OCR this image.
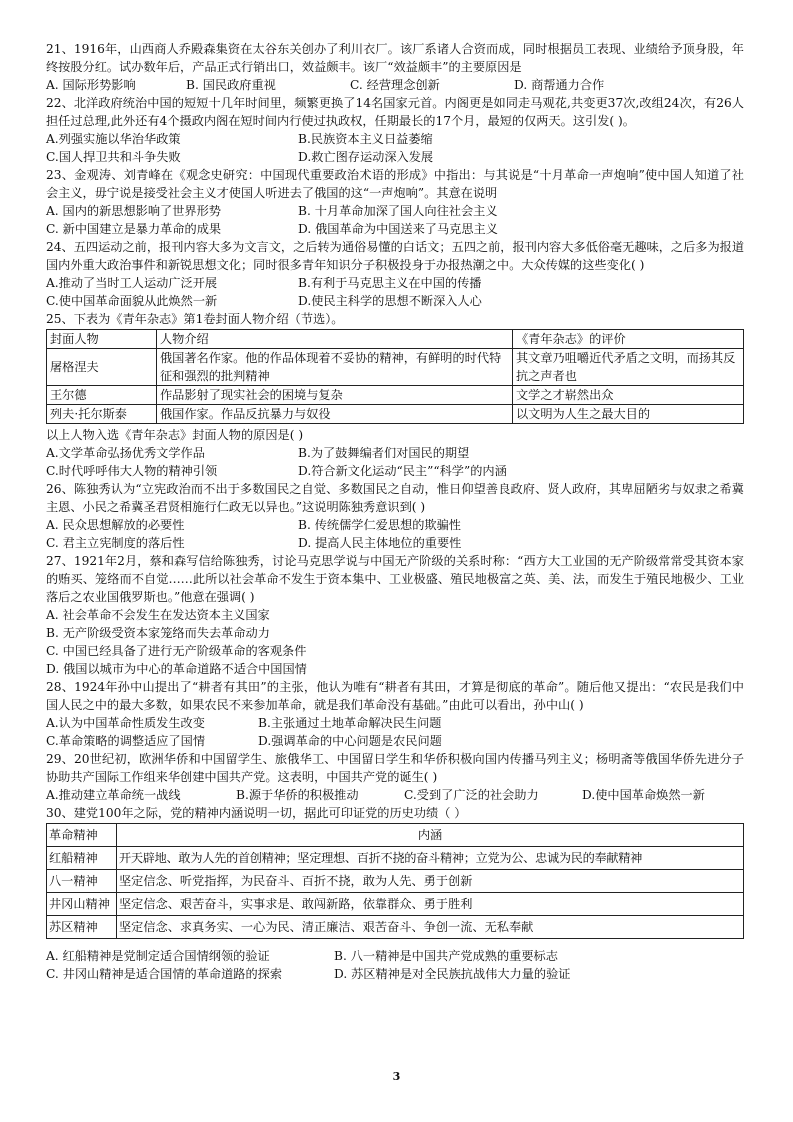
21、1916年，山西商人乔殿森集资在太谷东关创办了利川衣厂。该厂系诸人合资而成，同时根据员工表现、业绩给予顶身股，年终按股分红。试办数年后，产品正式行销出口，效益颇丰。该厂“效益颇丰”的主要原因是

A. 国际形势影响	B. 国民政府重视	C. 经营理念创新	D. 商帮通力合作

22、北洋政府统治中国的短短十几年时间里，频繁更换了14名国家元首。内阁更是如同走马观花,共变更37次,改组24次，有26人担任过总理,此外还有4个摄政内阁在短时间内行使过执政权，任期最长的17个月，最短的仅两天。这引发( )。

A.列强实施以华治华政策	B.民族资本主义日益萎缩
C.国人捍卫共和斗争失败	D.救亡图存运动深入发展

23、金观涛、刘青峰在《观念史研究：中国现代重要政治术语的形成》中指出：与其说是“十月革命一声炮响”使中国人知道了社会主义，毋宁说是接受社会主义才使国人听进去了俄国的这“一声炮响”。其意在说明

A. 国内的新思想影响了世界形势	B. 十月革命加深了国人向往社会主义
C. 新中国建立是暴力革命的成果	D. 俄国革命为中国送来了马克思主义

24、五四运动之前，报刊内容大多为文言文，之后转为通俗易懂的白话文；五四之前，报刊内容大多低俗毫无趣味，之后多为报道国内外重大政治事件和新锐思想文化；同时很多青年知识分子积极投身于办报热潮之中。大众传媒的这些变化( )

A.推动了当时工人运动广泛开展	B.有利于马克思主义在中国的传播
C.使中国革命面貌从此焕然一新	D.使民主科学的思想不断深入人心

25、下表为《青年杂志》第1卷封面人物介绍（节选）。

封面人物	人物介绍	《青年杂志》的评价
屠格涅夫	俄国著名作家。他的作品体现着不妥协的精神，有鲜明的时代特征和强烈的批判精神	其文章乃咀嚼近代矛盾之文明，而扬其反抗之声者也
王尔德	作品影射了现实社会的困境与复杂	文学之才崭然出众
列夫·托尔斯泰	俄国作家。作品反抗暴力与奴役	以文明为人生之最大目的

以上人物入选《青年杂志》封面人物的原因是( )

A.文学革命弘扬优秀文学作品	B.为了鼓舞编者们对国民的期望
C.时代呼呼伟大人物的精神引领	D.符合新文化运动“民主”“科学”的内涵

26、陈独秀认为“立宪政治而不出于多数国民之自觉、多数国民之自动，惟日仰望善良政府、贤人政府，其卑屈陋劣与奴隶之希冀主恩、小民之希冀圣君贤相施行仁政无以异也。”这说明陈独秀意识到( )

A. 民众思想解放的必要性	B. 传统儒学仁爱思想的欺骗性
C. 君主立宪制度的落后性	D. 提高人民主体地位的重要性

27、1921年2月，蔡和森写信给陈独秀，讨论马克思学说与中国无产阶级的关系时称：“西方大工业国的无产阶级常常受其资本家的贿买、笼络而不自觉……此所以社会革命不发生于资本集中、工业极盛、殖民地极富之英、美、法，而发生于殖民地极少、工业落后之农业国俄罗斯也。”他意在强调( )

A. 社会革命不会发生在发达资本主义国家
B. 无产阶级受资本家笼络而失去革命动力
C. 中国已经具备了进行无产阶级革命的客观条件
D. 俄国以城市为中心的革命道路不适合中国国情

28、1924年孙中山提出了“耕者有其田”的主张，他认为唯有“耕者有其田，才算是彻底的革命”。随后他又提出：“农民是我们中国人民之中的最大多数，如果农民不来参加革命，就是我们革命没有基础。”由此可以看出，孙中山( )

A.认为中国革命性质发生改变	B.主张通过土地革命解决民生问题
C.革命策略的调整适应了国情	D.强调革命的中心问题是农民问题

29、20世纪初，欧洲华侨和中国留学生、旅俄华工、中国留日学生和华侨积极向国内传播马列主义；杨明斋等俄国华侨先进分子协助共产国际工作组来华创建中国共产党。这表明，中国共产党的诞生( )

A.推动建立革命统一战线	B.源于华侨的积极推动	C.受到了广泛的社会助力	D.使中国革命焕然一新

30、建党100年之际，党的精神内涵说明一切，据此可印证党的历史功绩（ ）

革命精神	内涵
红船精神	开天辟地、敢为人先的首创精神；坚定理想、百折不挠的奋斗精神；立党为公、忠诚为民的奉献精神
八一精神	坚定信念、听党指挥，为民奋斗、百折不挠，敢为人先、勇于创新
井冈山精神	坚定信念、艰苦奋斗，实事求是、敢闯新路，依靠群众、勇于胜利
苏区精神	坚定信念、求真务实、一心为民、清正廉洁、艰苦奋斗、争创一流、无私奉献
A. 红船精神是党制定适合国情纲领的验证	B. 八一精神是中国共产党成熟的重要标志
C. 井冈山精神是适合国情的革命道路的探索	D. 苏区精神是对全民族抗战伟大力量的验证
3
